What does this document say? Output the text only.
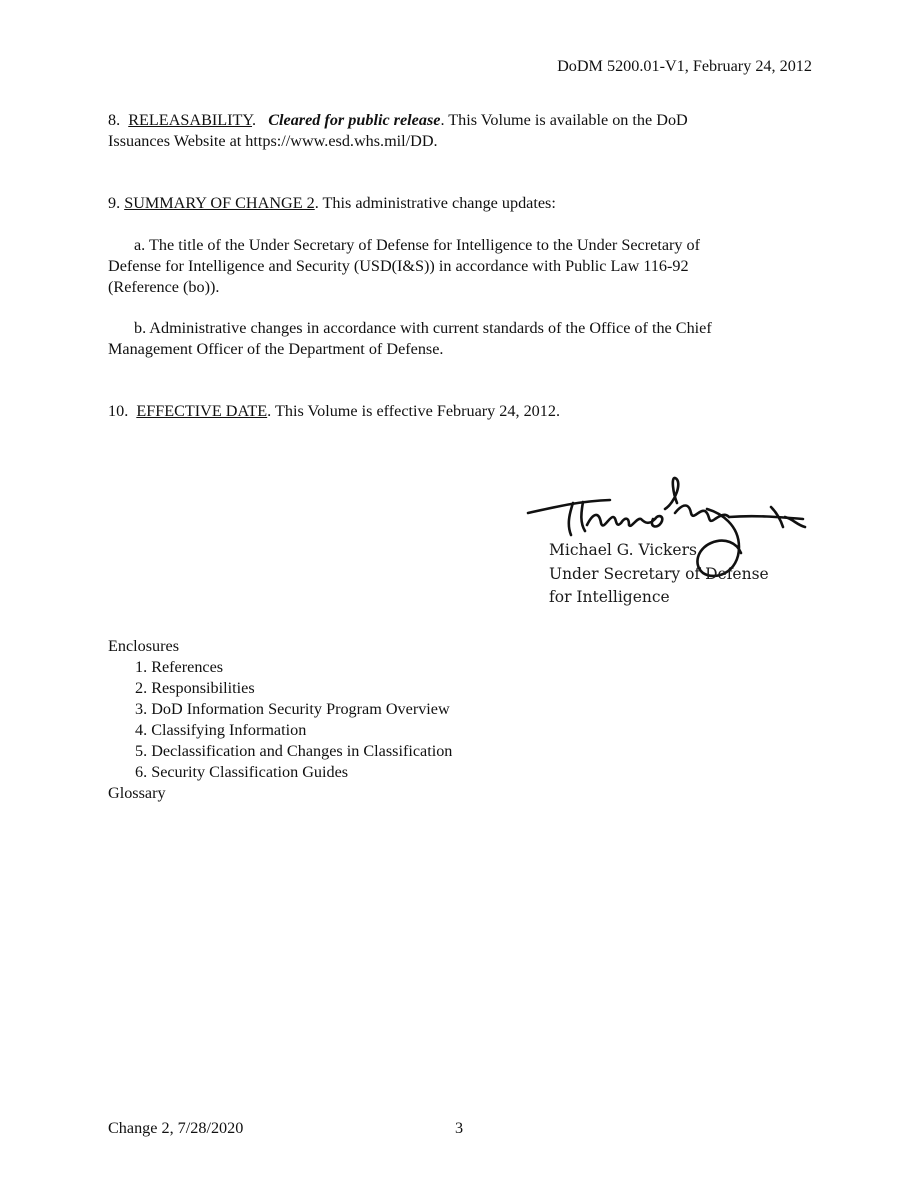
DoDM 5200.01-V1, February 24, 2012
8. RELEASABILITY.   Cleared for public release. This Volume is available on the DoD
Issuances Website at https://www.esd.whs.mil/DD.
9. SUMMARY OF CHANGE 2. This administrative change updates:
a. The title of the Under Secretary of Defense for Intelligence to the Under Secretary of
Defense for Intelligence and Security (USD(I&S)) in accordance with Public Law 116-92
(Reference (bo)).
b. Administrative changes in accordance with current standards of the Office of the Chief
Management Officer of the Department of Defense.
10. EFFECTIVE DATE. This Volume is effective February 24, 2012.
Michael G. Vickers
Under Secretary of Defense
for Intelligence
Enclosures
1. References
2. Responsibilities
3. DoD Information Security Program Overview
4. Classifying Information
5. Declassification and Changes in Classification
6. Security Classification Guides
Glossary
Change 2, 7/28/2020	3
